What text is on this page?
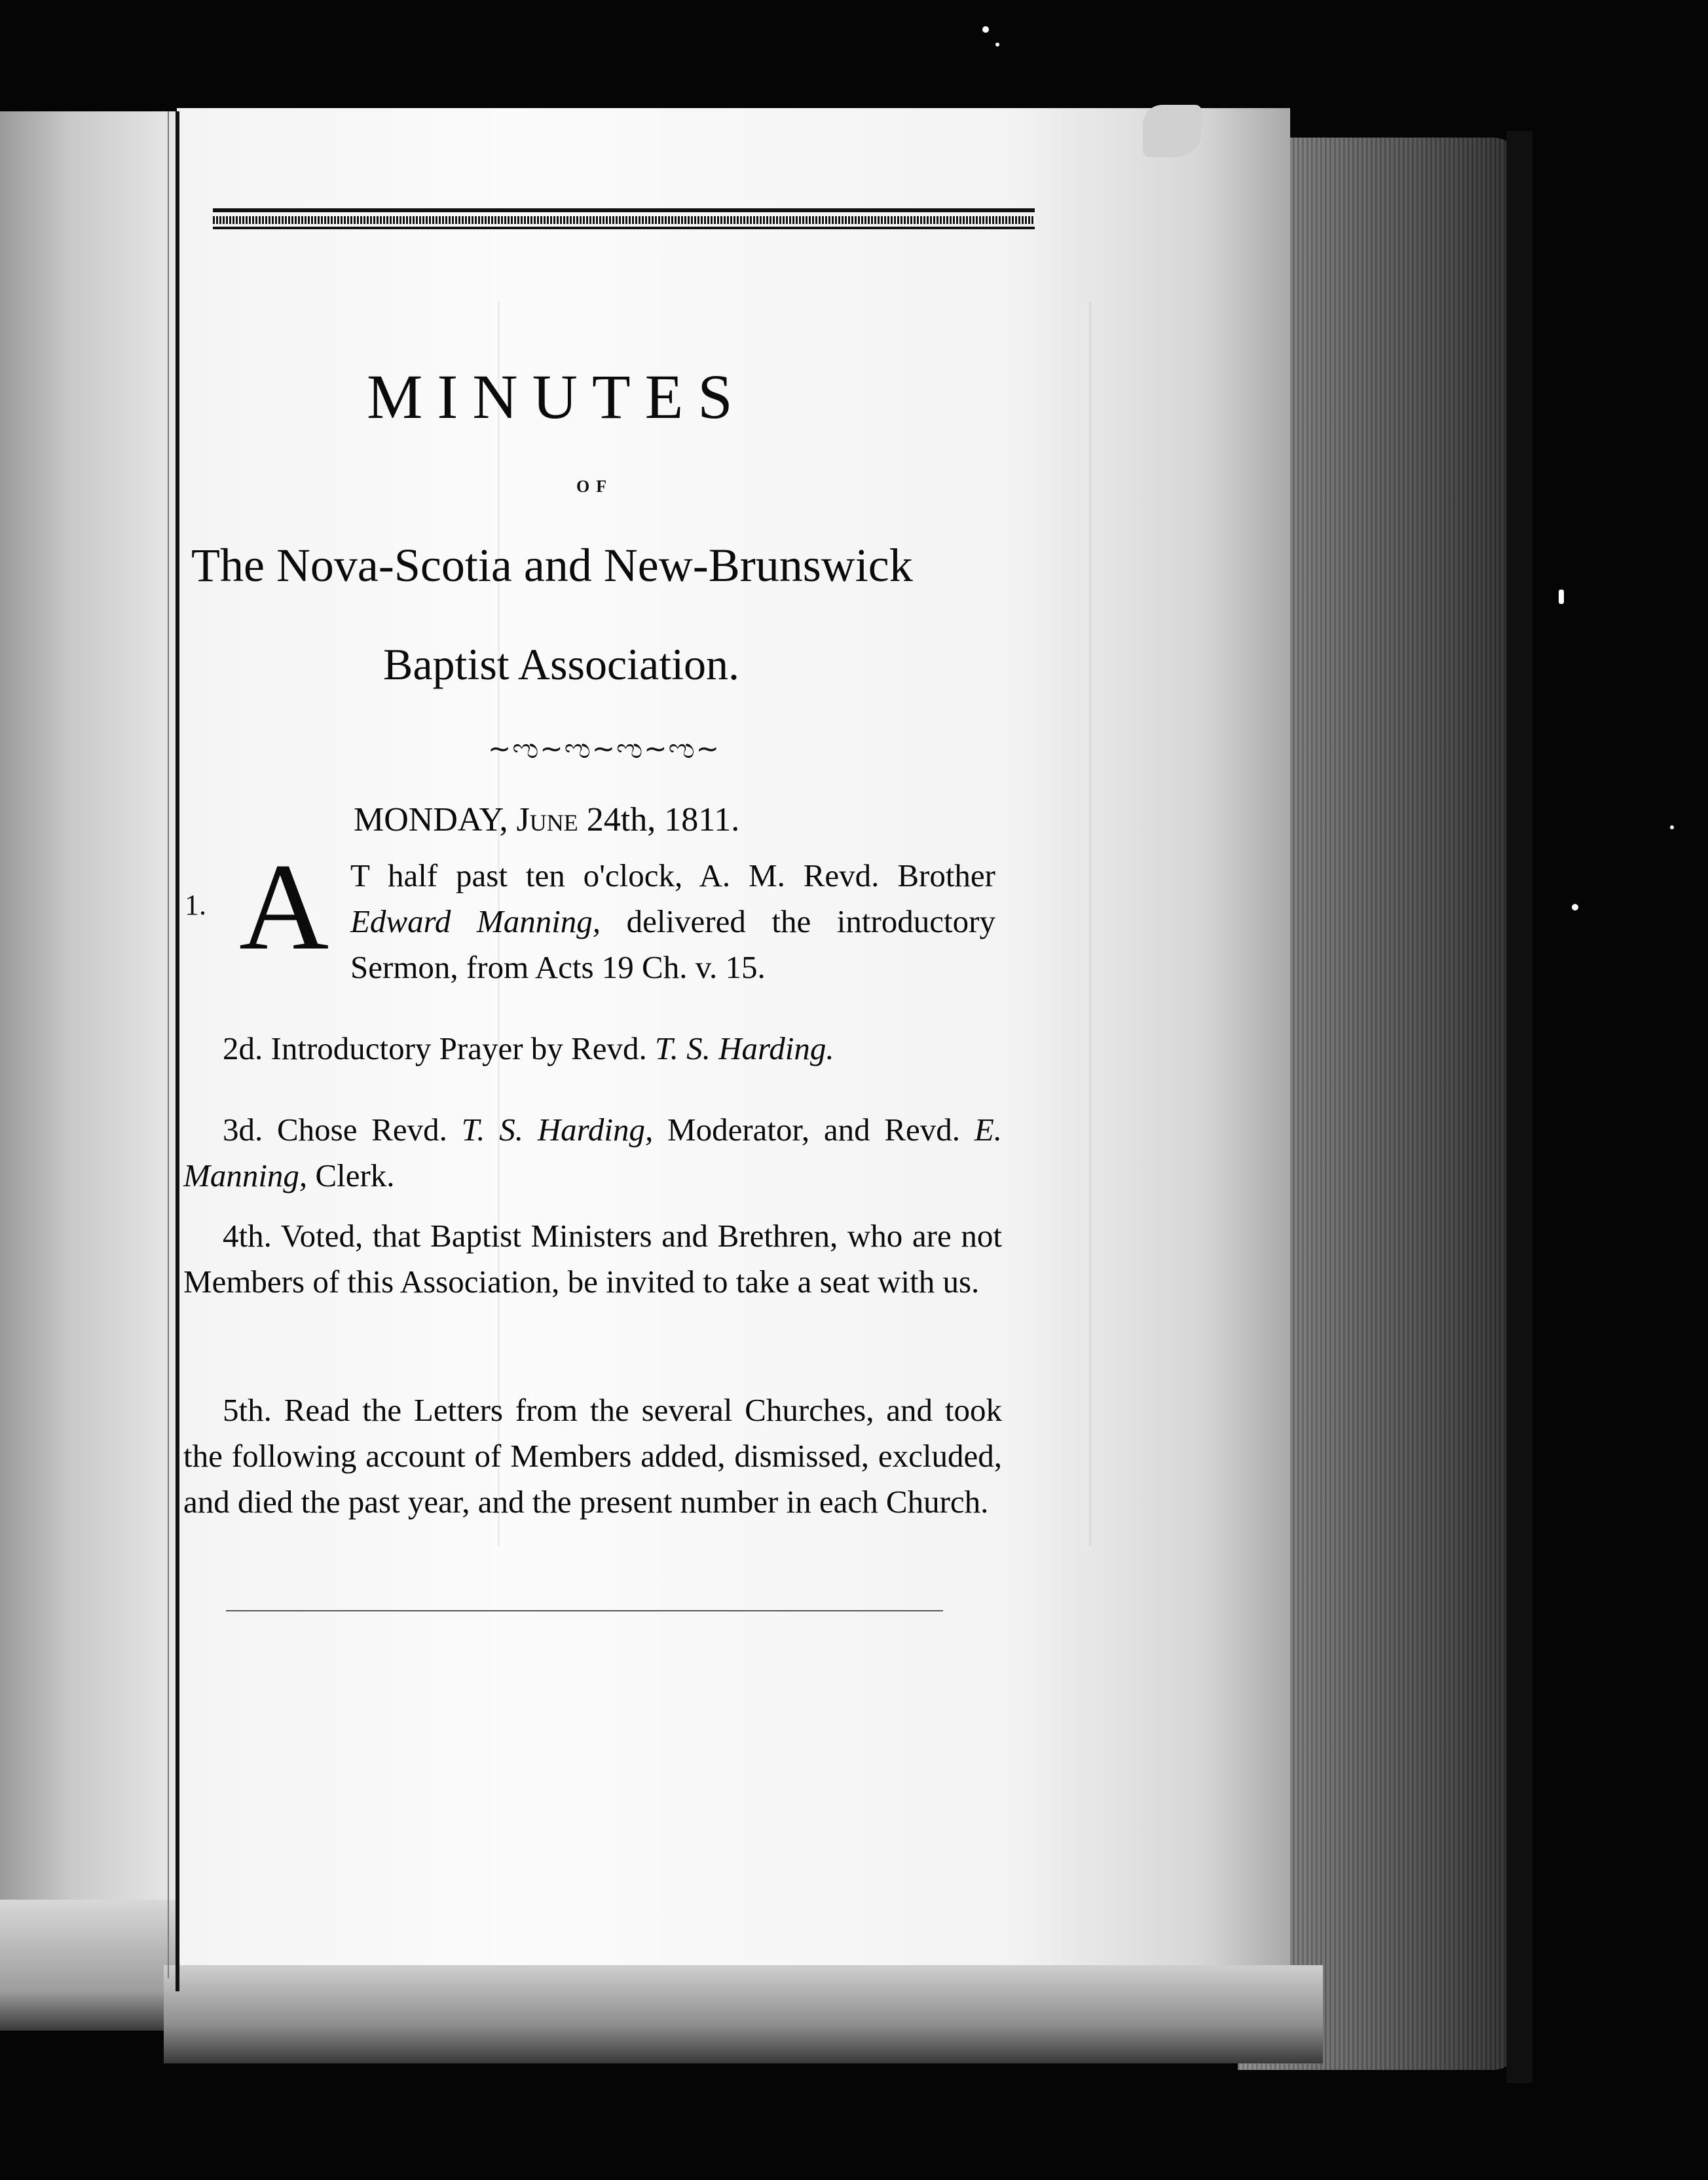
MINUTES
OF
The Nova-Scotia and New-Brunswick
Baptist Association.
~ಌ~ಌ~ಌ~ಌ~
MONDAY, June 24th, 1811.
1. A T half past ten o'clock, A. M. Revd. Brother Edward Manning, delivered the introductory Sermon, from Acts 19 Ch. v. 15.
2d. Introductory Prayer by Revd. T. S. Harding.
3d. Chose Revd. T. S. Harding, Moderator, and Revd. E. Manning, Clerk.
4th. Voted, that Baptist Ministers and Brethren, who are not Members of this Association, be invited to take a seat with us.
5th. Read the Letters from the several Churches, and took the following account of Members added, dismissed, excluded, and died the past year, and the present number in each Church.
